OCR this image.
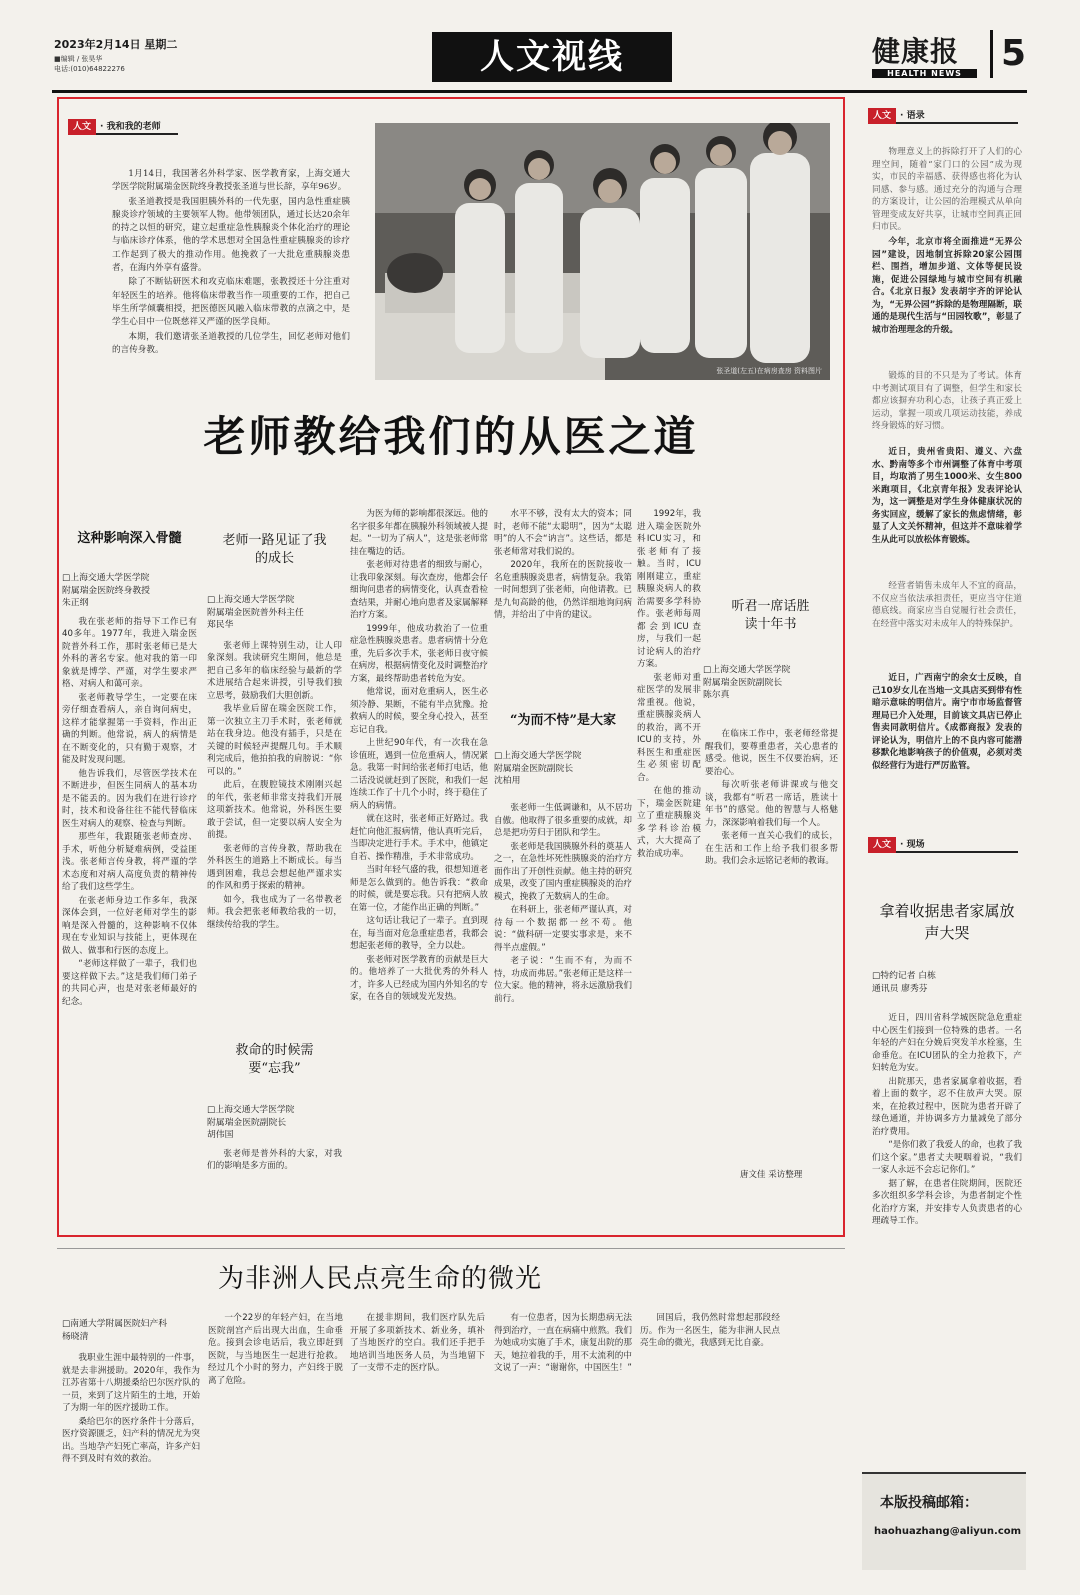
2023年2月14日 星期二
■编辑 / 张昊华
电话:(010)64822276	人文视线	健康报
HEALTH NEWS	5
人文 · 我和我的老师

1月14日，我国著名外科学家、医学教育家，上海交通大学医学院附属瑞金医院终身教授张圣道与世长辞，享年96岁。

张圣道教授是我国胆胰外科的一代先驱，国内急性重症胰腺炎诊疗领域的主要领军人物。他带领团队，通过长达20余年的持之以恒的研究，建立起重症急性胰腺炎个体化治疗的理论与临床诊疗体系，他的学术思想对全国急性重症胰腺炎的诊疗工作起到了极大的推动作用。他挽救了一大批危重胰腺炎患者，在海内外享有盛誉。

除了不断钻研医术和攻克临床难题，张教授还十分注重对年轻医生的培养。他将临床带教当作一项重要的工作，把自己毕生所学倾囊相授，把医德医风融入临床带教的点滴之中，是学生心目中一位既慈祥又严谨的医学良师。

本期，我们邀请张圣道教授的几位学生，回忆老师对他们的言传身教。

张圣道(左五)在病房查房 资料图片
老师教给我们的从医之道
这种影响深入骨髓
□上海交通大学医学院
附属瑞金医院终身教授
朱正纲

我在张老师的指导下工作已有40多年。1977年，我进入瑞金医院普外科工作，那时张老师已是大外科的著名专家。他对我的第一印象就是博学、严谨，对学生要求严格、对病人和蔼可亲。

张老师教导学生，一定要在床旁仔细查看病人，亲自询问病史，这样才能掌握第一手资料，作出正确的判断。他常说，病人的病情是在不断变化的，只有勤于观察，才能及时发现问题。

他告诉我们，尽管医学技术在不断进步，但医生同病人的基本功是不能丢的。因为我们在进行诊疗时，技术和设备往往不能代替临床医生对病人的观察、检查与判断。

那些年，我跟随张老师查房、手术，听他分析疑难病例，受益匪浅。张老师言传身教，将严谨的学术态度和对病人高度负责的精神传给了我们这些学生。

在张老师身边工作多年，我深深体会到，一位好老师对学生的影响是深入骨髓的，这种影响不仅体现在专业知识与技能上，更体现在做人、做事和行医的态度上。

“老师这样做了一辈子，我们也要这样做下去。”这是我们师门弟子的共同心声，也是对张老师最好的纪念。

老师一路见证了我的成长
□上海交通大学医学院
附属瑞金医院普外科主任
郑民华

张老师上课特别生动，让人印象深刻。我读研究生期间，他总是把自己多年的临床经验与最新的学术进展结合起来讲授，引导我们独立思考，鼓励我们大胆创新。

我毕业后留在瑞金医院工作，第一次独立主刀手术时，张老师就站在我身边。他没有插手，只是在关键的时候轻声提醒几句。手术顺利完成后，他拍拍我的肩膀说：“你可以的。”

此后，在腹腔镜技术刚刚兴起的年代，张老师非常支持我们开展这项新技术。他常说，外科医生要敢于尝试，但一定要以病人安全为前提。

张老师的言传身教，帮助我在外科医生的道路上不断成长。每当遇到困难，我总会想起他严谨求实的作风和勇于探索的精神。

如今，我也成为了一名带教老师。我会把张老师教给我的一切，继续传给我的学生。

救命的时候需要“忘我”
□上海交通大学医学院
附属瑞金医院副院长
胡伟国

张老师是普外科的大家，对我们的影响是多方面的。

为医为师的影响都很深远。他的名字很多年都在胰腺外科领域被人提起。“一切为了病人”，这是张老师常挂在嘴边的话。

张老师对待患者的细致与耐心，让我印象深刻。每次查房，他都会仔细询问患者的病情变化，认真查看检查结果，并耐心地向患者及家属解释治疗方案。

1999年，他成功救治了一位重症急性胰腺炎患者。患者病情十分危重，先后多次手术，张老师日夜守候在病房，根据病情变化及时调整治疗方案，最终帮助患者转危为安。

他常说，面对危重病人，医生必须冷静、果断，不能有半点犹豫。抢救病人的时候，要全身心投入，甚至忘记自我。

上世纪90年代，有一次我在急诊值班，遇到一位危重病人，情况紧急。我第一时间给张老师打电话，他二话没说就赶到了医院，和我们一起连续工作了十几个小时，终于稳住了病人的病情。

就在这时，张老师正好路过。我赶忙向他汇报病情，他认真听完后，当即决定进行手术。手术中，他镇定自若、操作精准，手术非常成功。

当时年轻气盛的我，很想知道老师是怎么做到的。他告诉我：“救命的时候，就是要忘我。只有把病人放在第一位，才能作出正确的判断。”

这句话让我记了一辈子。直到现在，每当面对危急重症患者，我都会想起张老师的教导，全力以赴。

张老师对医学教育的贡献是巨大的。他培养了一大批优秀的外科人才，许多人已经成为国内外知名的专家，在各自的领域发光发热。

水平不够，没有太大的资本；同时，老师不能“太聪明”，因为“太聪明”的人不会“讷言”。这些话，都是张老师常对我们说的。

2020年，我所在的医院接收一名危重胰腺炎患者，病情复杂。我第一时间想到了张老师，向他请教。已是九旬高龄的他，仍然详细地询问病情，并给出了中肯的建议。

“为而不恃”是大家
□上海交通大学医学院
附属瑞金医院副院长
沈柏用

张老师一生低调谦和，从不居功自傲。他取得了很多重要的成就，却总是把功劳归于团队和学生。

张老师是我国胰腺外科的奠基人之一，在急性坏死性胰腺炎的治疗方面作出了开创性贡献。他主持的研究成果，改变了国内重症胰腺炎的治疗模式，挽救了无数病人的生命。

在科研上，张老师严谨认真，对待每一个数据都一丝不苟。他说：“做科研一定要实事求是，来不得半点虚假。”

老子说：“生而不有，为而不恃，功成而弗居。”张老师正是这样一位大家。他的精神，将永远激励我们前行。

听君一席话胜读十年书
□上海交通大学医学院
附属瑞金医院副院长
陈尔真

1992年，我进入瑞金医院外科ICU实习，和张老师有了接触。当时，ICU刚刚建立，重症胰腺炎病人的救治需要多学科协作。张老师每周都会到ICU查房，与我们一起讨论病人的治疗方案。

张老师对重症医学的发展非常重视。他说，重症胰腺炎病人的救治，离不开ICU的支持，外科医生和重症医生必须密切配合。

在他的推动下，瑞金医院建立了重症胰腺炎多学科诊治模式，大大提高了救治成功率。

在临床工作中，张老师经常提醒我们，要尊重患者，关心患者的感受。他说，医生不仅要治病，还要治心。

每次听张老师讲课或与他交谈，我都有“听君一席话，胜读十年书”的感觉。他的智慧与人格魅力，深深影响着我们每一个人。

张老师一直关心我们的成长，在生活和工作上给予我们很多帮助。我们会永远铭记老师的教诲。

唐文佳 采访整理
为非洲人民点亮生命的微光
□南通大学附属医院妇产科
杨晓清

我职业生涯中最特别的一件事，就是去非洲援助。2020年，我作为江苏省第十八期援桑给巴尔医疗队的一员，来到了这片陌生的土地，开始了为期一年的医疗援助工作。

桑给巴尔的医疗条件十分落后，医疗资源匮乏，妇产科的情况尤为突出。当地孕产妇死亡率高，许多产妇得不到及时有效的救治。

一个22岁的年轻产妇，在当地医院剖宫产后出现大出血，生命垂危。接到会诊电话后，我立即赶到医院，与当地医生一起进行抢救。经过几个小时的努力，产妇终于脱离了危险。

在援非期间，我们医疗队先后开展了多项新技术、新业务，填补了当地医疗的空白。我们还手把手地培训当地医务人员，为当地留下了一支带不走的医疗队。

有一位患者，因为长期患病无法得到治疗，一直在病痛中煎熬。我们为她成功实施了手术，康复出院的那天，她拉着我的手，用不太流利的中文说了一声：“谢谢你，中国医生！”

回国后，我仍然时常想起那段经历。作为一名医生，能为非洲人民点亮生命的微光，我感到无比自豪。

人文 · 语录

物理意义上的拆除打开了人们的心理空间，随着“家门口的公园”成为现实，市民的幸福感、获得感也将化为认同感、参与感。通过充分的沟通与合理的方案设计，让公园的治理模式从单向管理变成友好共享，让城市空间真正回归市民。

今年，北京市将全面推进“无界公园”建设，因地制宜拆除20家公园围栏、围挡，增加步道、文体等便民设施，促进公园绿地与城市空间有机融合。《北京日报》发表胡宇齐的评论认为，“无界公园”拆除的是物理隔断，联通的是现代生活与“田园牧歌”，彰显了城市治理理念的升级。

锻炼的目的不只是为了考试。体育中考测试项目有了调整，但学生和家长都应该摒弃功利心态，让孩子真正爱上运动，掌握一项或几项运动技能，养成终身锻炼的好习惯。

近日，贵州省贵阳、遵义、六盘水、黔南等多个市州调整了体育中考项目，均取消了男生1000米、女生800米跑项目，《北京青年报》发表评论认为，这一调整是对学生身体健康状况的务实回应，缓解了家长的焦虑情绪，彰显了人文关怀精神，但这并不意味着学生从此可以放松体育锻炼。

经营者销售未成年人不宜的商品，不仅应当依法承担责任，更应当守住道德底线。商家应当自觉履行社会责任，在经营中落实对未成年人的特殊保护。

近日，广西南宁的余女士反映，自己10岁女儿在当地一文具店买到带有性暗示意味的明信片。南宁市市场监督管理局已介入处理，目前该文具店已停止售卖同款明信片。《成都商报》发表的评论认为，明信片上的不良内容可能潜移默化地影响孩子的价值观，必须对类似经营行为进行严厉监管。

人文 · 现场
拿着收据患者家属放声大哭
□特约记者 白栋
通讯员 廖秀芬

近日，四川省科学城医院急危重症中心医生们接到一位特殊的患者。一名年轻的产妇在分娩后突发羊水栓塞，生命垂危。在ICU团队的全力抢救下，产妇转危为安。

出院那天，患者家属拿着收据，看着上面的数字，忍不住放声大哭。原来，在抢救过程中，医院为患者开辟了绿色通道，并协调多方力量减免了部分治疗费用。

“是你们救了我爱人的命，也救了我们这个家。”患者丈夫哽咽着说，“我们一家人永远不会忘记你们。”

据了解，在患者住院期间，医院还多次组织多学科会诊，为患者制定个性化治疗方案，并安排专人负责患者的心理疏导工作。

本版投稿邮箱：
haohuazhang@aliyun.com
